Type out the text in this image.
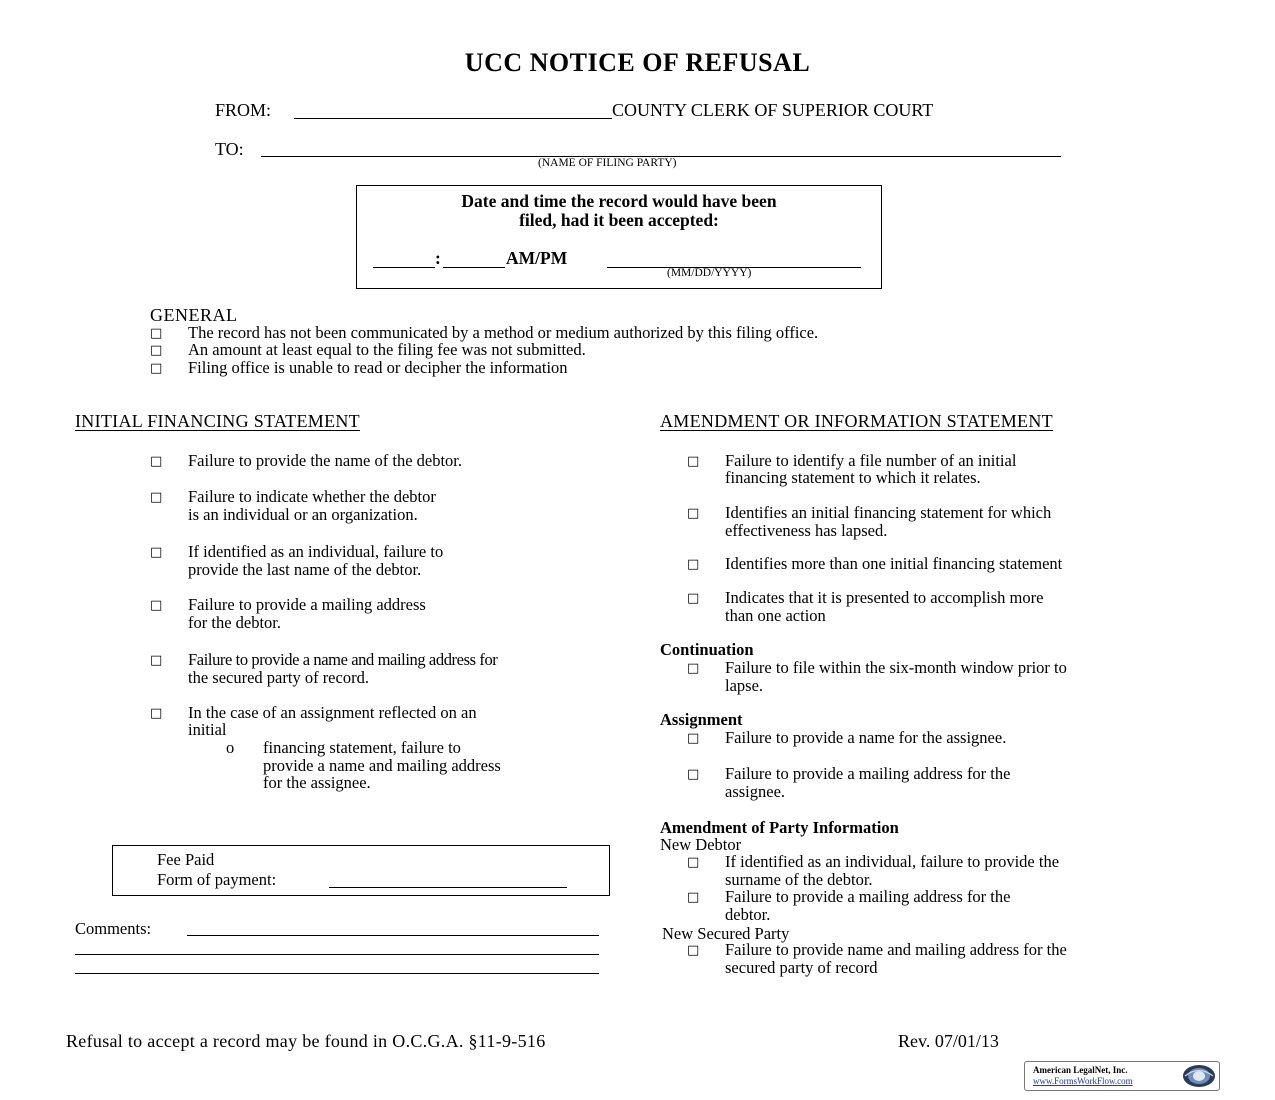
UCC NOTICE OF REFUSAL
FROM:	COUNTY CLERK OF SUPERIOR COURT
TO:
(NAME OF FILING PARTY)
Date and time the record would have been
filed, had it been accepted:
:	AM/PM
(MM/DD/YYYY)
GENERAL
□ The record has not been communicated by a method or medium authorized by this filing office.
□ An amount at least equal to the filing fee was not submitted.
□ Filing office is unable to read or decipher the information
INITIAL FINANCING STATEMENT
□ Failure to provide the name of the debtor.
□ Failure to indicate whether the debtor
is an individual or an organization.
□ If identified as an individual, failure to
provide the last name of the debtor.
□ Failure to provide a mailing address
for the debtor.
□ Failure to provide a name and mailing address for
the secured party of record.
□ In the case of an assignment reflected on an
initial
o financing statement, failure to
provide a name and mailing address
for the assignee.
Fee Paid
Form of payment:
Comments:
AMENDMENT OR INFORMATION STATEMENT
□ Failure to identify a file number of an initial
financing statement to which it relates.
□ Identifies an initial financing statement for which
effectiveness has lapsed.
□ Identifies more than one initial financing statement
□ Indicates that it is presented to accomplish more
than one action
Continuation
□ Failure to file within the six-month window prior to
lapse.
Assignment
□ Failure to provide a name for the assignee.
□ Failure to provide a mailing address for the
assignee.
Amendment of Party Information
New Debtor
□ If identified as an individual, failure to provide the
surname of the debtor.
□ Failure to provide a mailing address for the
debtor.
New Secured Party
□ Failure to provide name and mailing address for the
secured party of record
Refusal to accept a record may be found in O.C.G.A. §11-9-516	Rev. 07/01/13
American LegalNet, Inc.
www.FormsWorkFlow.com
